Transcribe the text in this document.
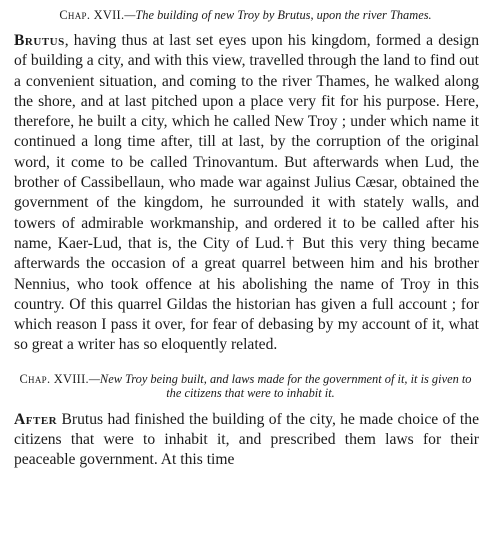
Chap. XVII.—The building of new Troy by Brutus, upon the river Thames.

Brutus, having thus at last set eyes upon his kingdom, formed a design of building a city, and with this view, travelled through the land to find out a convenient situation, and coming to the river Thames, he walked along the shore, and at last pitched upon a place very fit for his purpose. Here, therefore, he built a city, which he called New Troy ; under which name it continued a long time after, till at last, by the corruption of the original word, it come to be called Trinovantum. But afterwards when Lud, the brother of Cassibellaun, who made war against Julius Cæsar, obtained the government of the kingdom, he surrounded it with stately walls, and towers of admirable workmanship, and ordered it to be called after his name, Kaer-Lud, that is, the City of Lud.† But this very thing became afterwards the occasion of a great quarrel between him and his brother Nennius, who took offence at his abolishing the name of Troy in this country. Of this quarrel Gildas the historian has given a full account ; for which reason I pass it over, for fear of debasing by my account of it, what so great a writer has so eloquently related.

Chap. XVIII.—New Troy being built, and laws made for the government of it, it is given to the citizens that were to inhabit it.

After Brutus had finished the building of the city, he made choice of the citizens that were to inhabit it, and prescribed them laws for their peaceable government. At this time
